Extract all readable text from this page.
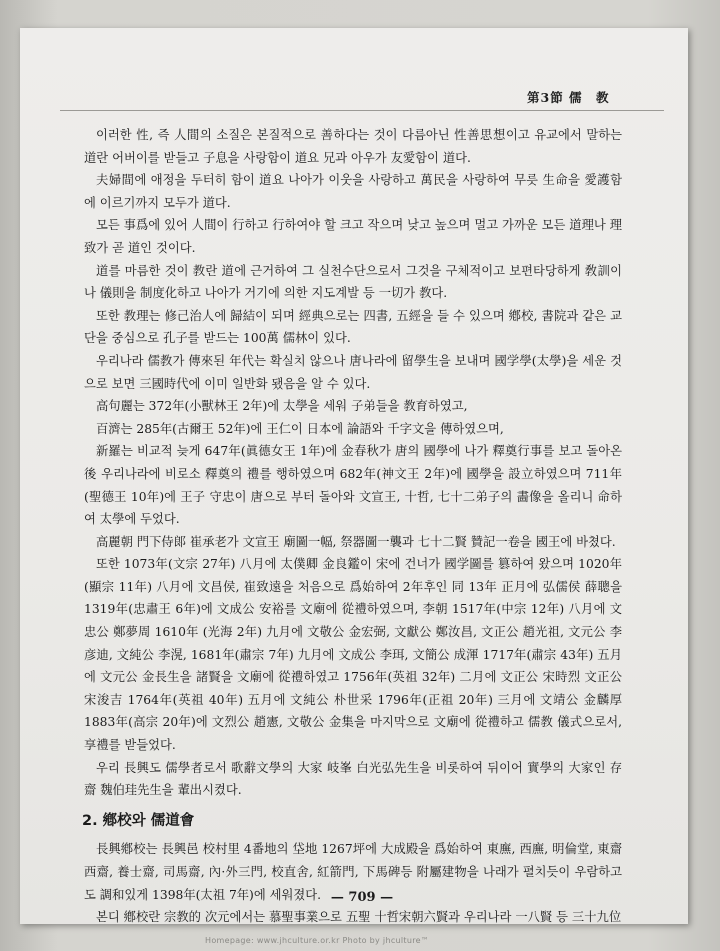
第3節 儒　教

이러한 性, 즉 人間의 소질은 본질적으로 善하다는 것이 다름아닌 性善思想이고 유교에서 말하는 道란 어버이를 받들고 子息을 사랑함이 道요 兄과 아우가 友愛함이 道다.

夫婦間에 애정을 두터히 함이 道요 나아가 이웃을 사랑하고 萬民을 사랑하여 무릇 生命을 愛護함에 이르기까지 모두가 道다.

모든 事爲에 있어 人間이 行하고 行하여야 할 크고 작으며 낮고 높으며 멀고 가까운 모든 道理나 理致가 곧 道인 것이다.

道를 마름한 것이 教란 道에 근거하여 그 실천수단으로서 그것을 구체적이고 보편타당하게 敎訓이나 儀則을 制度化하고 나아가 거기에 의한 지도계발 등 一切가 教다.

또한 教理는 修己治人에 歸結이 되며 經典으로는 四書, 五經을 들 수 있으며 鄕校, 書院과 같은 교단을 중심으로 孔子를 받드는 100萬 儒林이 있다.

우리나라 儒教가 傳來된 年代는 확실치 않으나 唐나라에 留學生을 보내며 國学學(太學)을 세운 것으로 보면 三國時代에 이미 일반화 됐음을 알 수 있다.

高句麗는 372年(小獸林王 2年)에 太學을 세워 子弟들을 教育하였고,

百濟는 285年(古爾王 52年)에 王仁이 日本에 論語와 千字文을 傳하였으며,

新羅는 비교적 늦게 647年(眞德女王 1年)에 金春秋가 唐의 國學에 나가 釋奠行事를 보고 돌아온 後 우리나라에 비로소 釋奠의 禮를 행하였으며 682年(神文王 2年)에 國學을 設立하였으며 711年(聖德王 10年)에 王子 守忠이 唐으로 부터 돌아와 文宣王, 十哲, 七十二弟子의 畵像을 올리니 命하여 太學에 두었다.

高麗朝 門下侍郞 崔承老가 文宣王 廟圖一幅, 祭器圖一襲과 七十二賢 贊記一卷을 國王에 바쳤다.

또한 1073年(文宗 27年) 八月에 太僕卿 金良鑑이 宋에 건너가 國学圖를 篡하여 왔으며 1020年(顯宗 11年) 八月에 文昌侯, 崔致遠을 처음으로 爲始하여 2年후인 同 13年 正月에 弘儒侯 薛聰을 1319年(忠肅王 6年)에 文成公 安裕를 文廟에 從禮하였으며, 李朝 1517年(中宗 12年) 八月에 文忠公 鄭夢周 1610年 (光海 2年) 九月에 文敬公 金宏弼, 文獻公 鄭汝昌, 文正公 趙光祖, 文元公 李彦迪, 文純公 李滉, 1681年(肅宗 7年) 九月에 文成公 李珥, 文簡公 成渾 1717年(肅宗 43年) 五月에 文元公 金長生을 諸賢을 文廟에 從禮하였고 1756年(英祖 32年) 二月에 文正公 宋時烈 文正公 宋浚吉 1764年(英祖 40年) 五月에 文純公 朴世采 1796年(正祖 20年) 三月에 文靖公 金麟厚 1883年(高宗 20年)에 文烈公 趙憲, 文敬公 金集을 마지막으로 文廟에 從禮하고 儒教 儀式으로서, 享禮를 받들었다.

우리 長興도 儒學者로서 歌辭文學의 大家 岐峯 白光弘先生을 비롯하여 뒤이어 實學의 大家인 存齋 魏伯珪先生을 輩出시켰다.

2. 鄕校와 儒道會

長興鄕校는 長興邑 校村里 4番地의 垈地 1267坪에 大成殿을 爲始하여 東廡, 西廡, 明倫堂, 東齋 西齋, 養士齋, 司馬齋, 內·外三門, 校直舍, 紅箭門, 下馬碑등 附屬建物을 나래가 펼치듯이 우람하고도 調和있게 1398年(太祖 7年)에 세워졌다.

본디 鄕校란 宗教的 次元에서는 慕聖事業으로 五聖 十哲宋朝六賢과 우리나라 一八賢 등 三十九位

— 709 —
Homepage: www.jhculture.or.kr Photo by jhculture™
